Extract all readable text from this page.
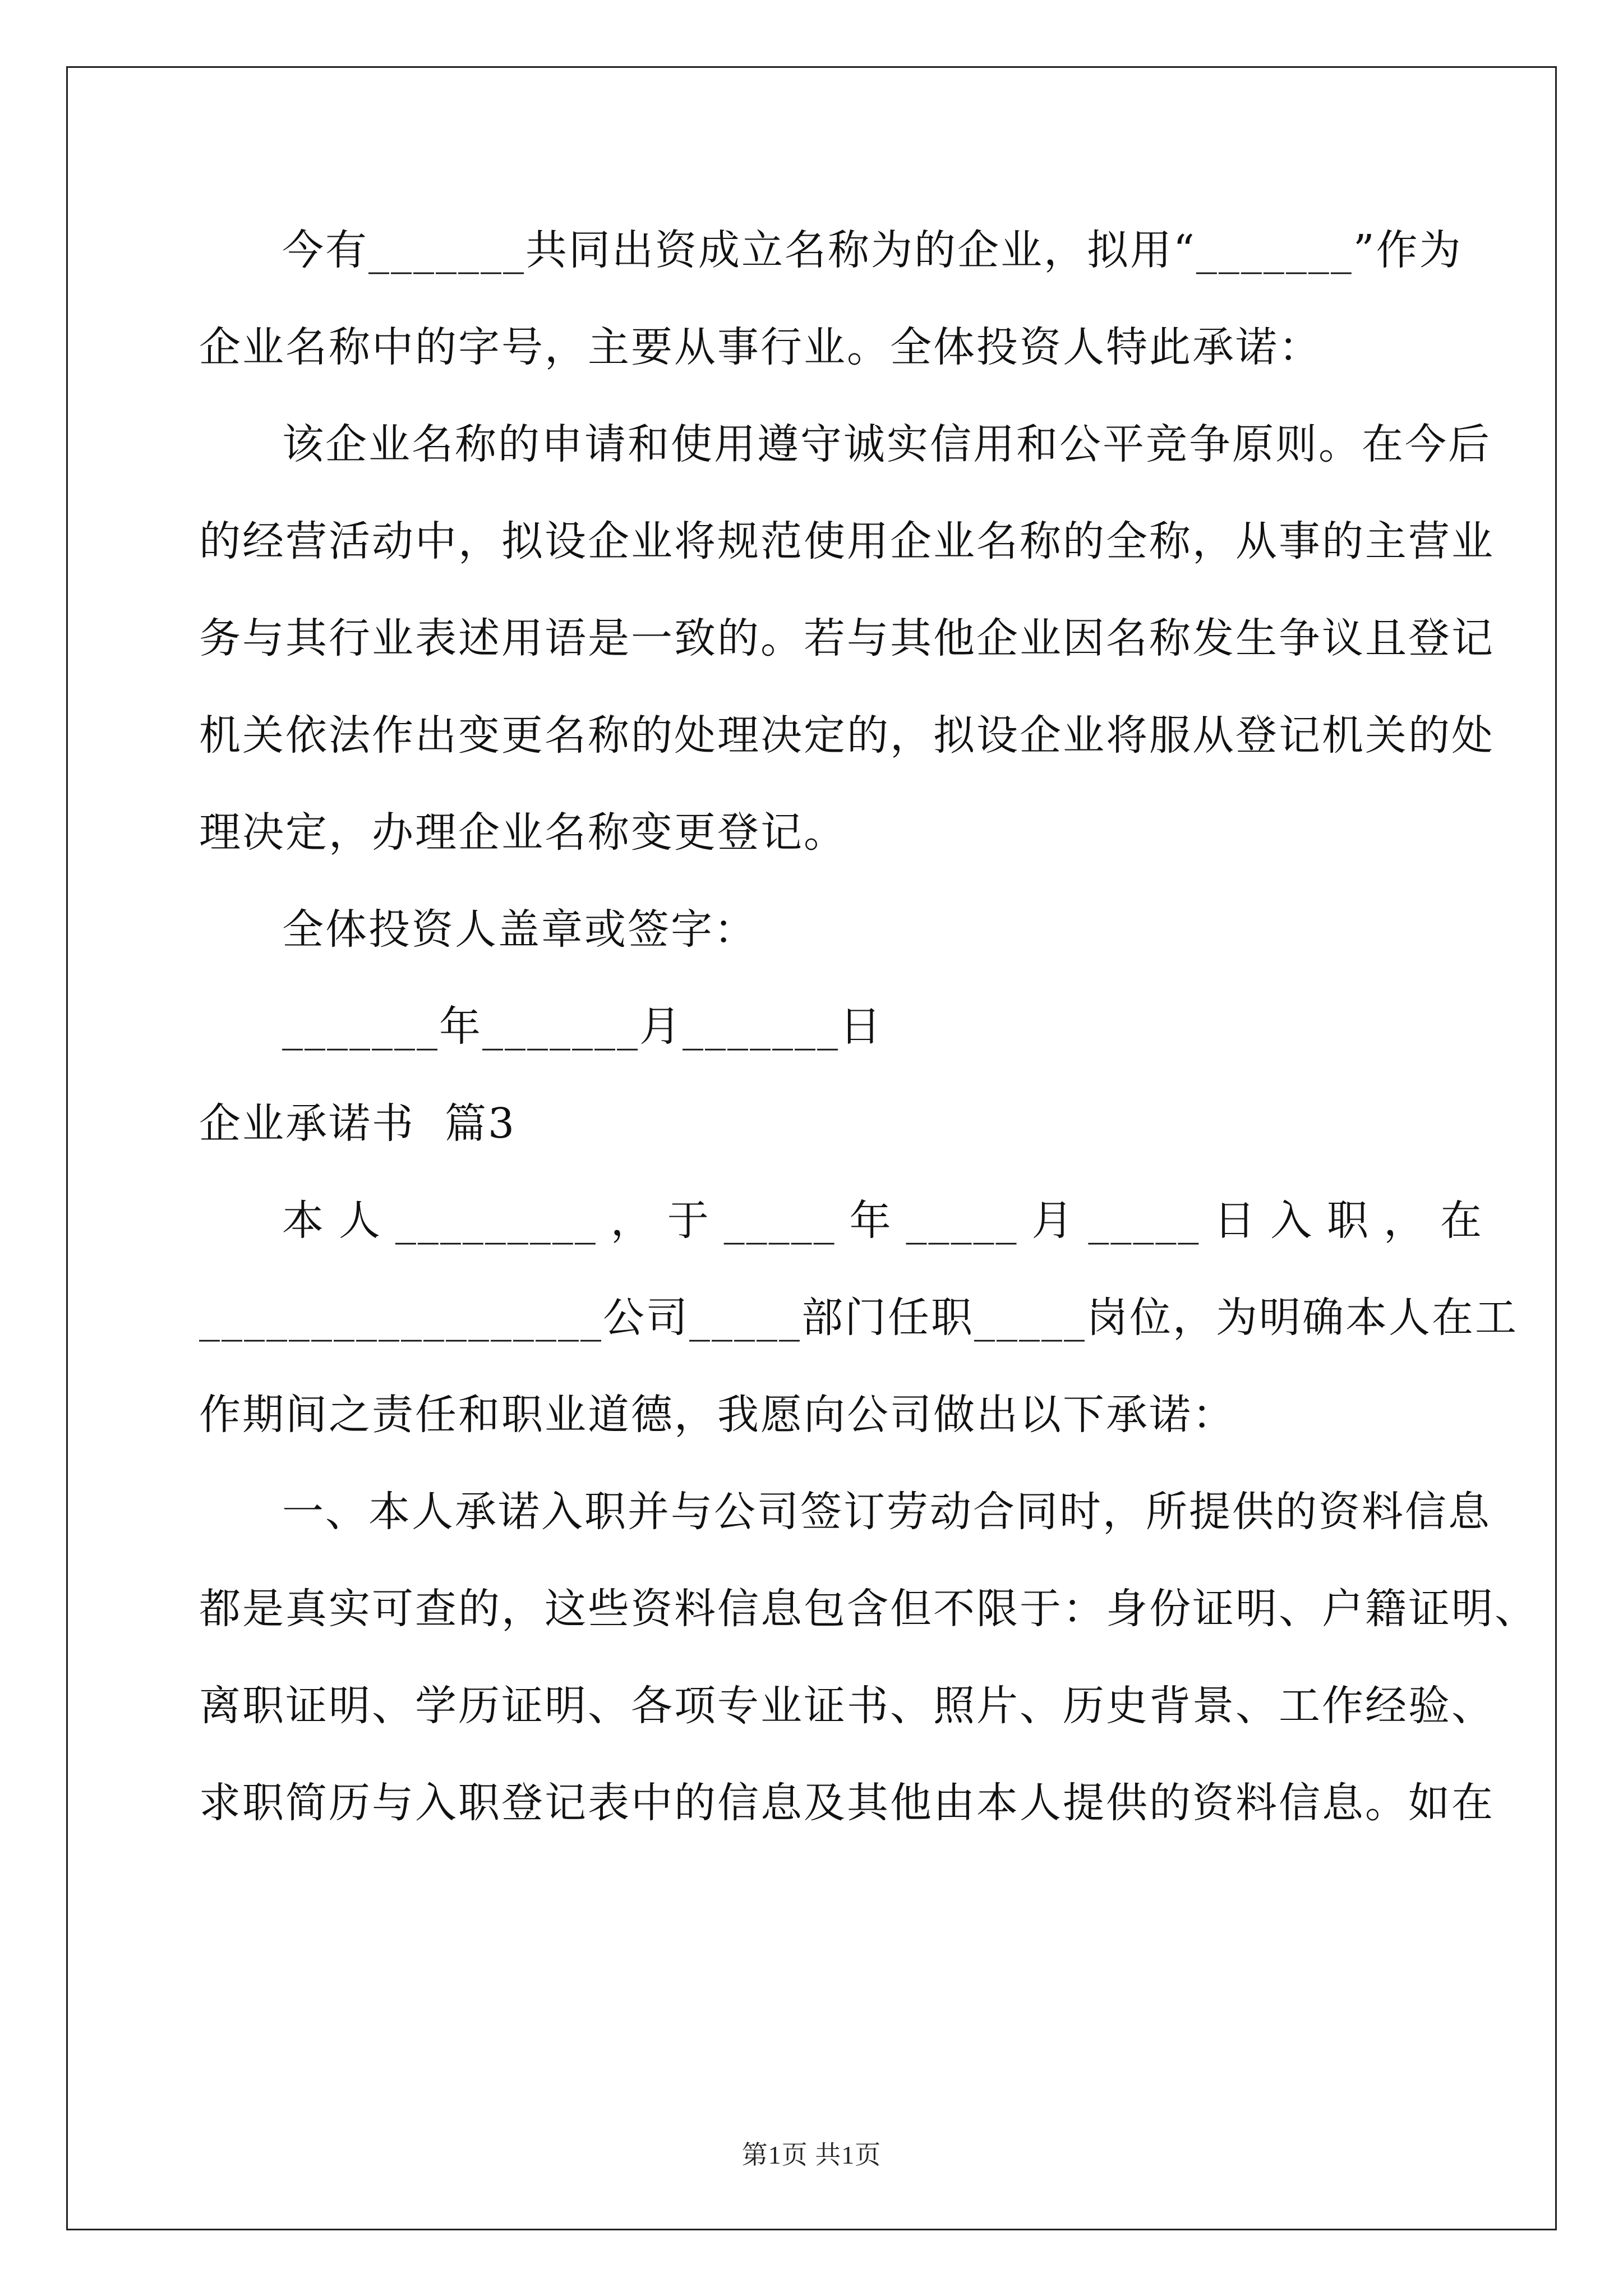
今有_______共同出资成立名称为的企业，拟用“_______”作为
企业名称中的字号，主要从事行业。全体投资人特此承诺：
该企业名称的申请和使用遵守诚实信用和公平竞争原则。在今后
的经营活动中，拟设企业将规范使用企业名称的全称，从事的主营业
务与其行业表述用语是一致的。若与其他企业因名称发生争议且登记
机关依法作出变更名称的处理决定的，拟设企业将服从登记机关的处
理决定，办理企业名称变更登记。
全体投资人盖章或签字：
_______年_______月_______日
企业承诺书  篇3
本人_________，于_____年_____月_____日入职，在
__________________公司_____部门任职_____岗位，为明确本人在工
作期间之责任和职业道德，我愿向公司做出以下承诺：
一、本人承诺入职并与公司签订劳动合同时，所提供的资料信息
都是真实可查的，这些资料信息包含但不限于：身份证明、户籍证明、
离职证明、学历证明、各项专业证书、照片、历史背景、工作经验、
求职简历与入职登记表中的信息及其他由本人提供的资料信息。如在
第1页 共1页
